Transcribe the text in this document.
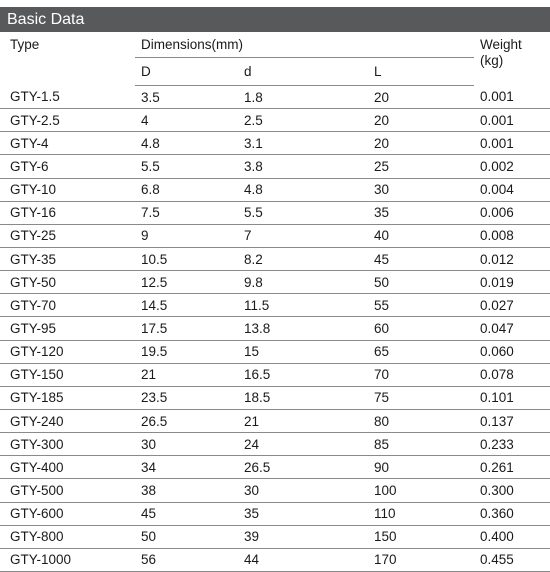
Basic Data
Type	Dimensions(mm)			Weight
(kg)

	D	d	L	
GTY-1.5	3.5	1.8	20	0.001
GTY-2.5	4	2.5	20	0.001
GTY-4	4.8	3.1	20	0.001
GTY-6	5.5	3.8	25	0.002
GTY-10	6.8	4.8	30	0.004
GTY-16	7.5	5.5	35	0.006
GTY-25	9	7	40	0.008
GTY-35	10.5	8.2	45	0.012
GTY-50	12.5	9.8	50	0.019
GTY-70	14.5	11.5	55	0.027
GTY-95	17.5	13.8	60	0.047
GTY-120	19.5	15	65	0.060
GTY-150	21	16.5	70	0.078
GTY-185	23.5	18.5	75	0.101
GTY-240	26.5	21	80	0.137
GTY-300	30	24	85	0.233
GTY-400	34	26.5	90	0.261
GTY-500	38	30	100	0.300
GTY-600	45	35	110	0.360
GTY-800	50	39	150	0.400
GTY-1000	56	44	170	0.455
